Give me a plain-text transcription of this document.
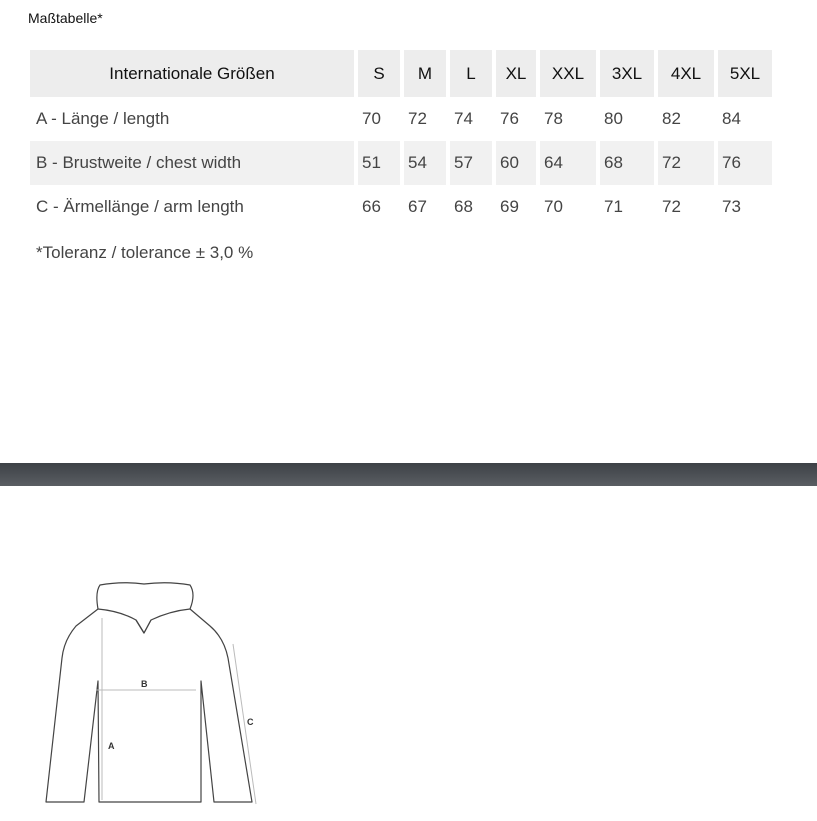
Maßtabelle*
Internationale Größen	S	M	L	XL	XXL	3XL	4XL	5XL
A - Länge / length	70	72	74	76	78	80	82	84
B - Brustweite / chest width	51	54	57	60	64	68	72	76
C - Ärmellänge / arm length	66	67	68	69	70	71	72	73
*Toleranz / tolerance ± 3,0 %
A
B
C
